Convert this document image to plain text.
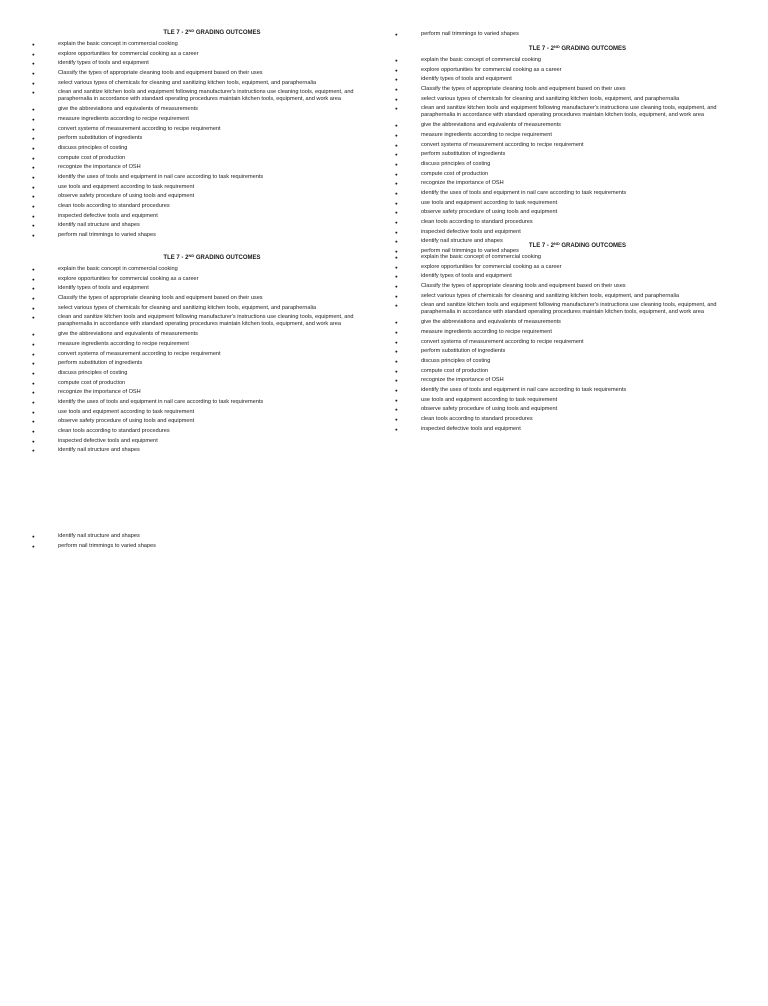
TLE 7 - 2ND GRADING OUTCOMES
● explain the basic concept in commercial cooking
● explore opportunities for commercial cooking as a career
● identify types of tools and equipment
● Classify the types of appropriate cleaning tools and equipment based on their uses
● select various types of chemicals for cleaning and sanitizing kitchen tools, equipment, and paraphernalia
● clean and sanitize kitchen tools and equipment following manufacturer's instructions use cleaning tools, equipment, and paraphernalia in accordance with standard operating procedures maintain kitchen tools, equipment, and work area
● give the abbreviations and equivalents of measurements
● measure ingredients according to recipe requirement
● convert systems of measurement according to recipe requirement
● perform substitution of ingredients
● discuss principles of costing
● compute cost of production
● recognize the importance of OSH
● identify the uses of tools and equipment in nail care according to task requirements
● use tools and equipment according to task requirement
● observe safety procedure of using tools and equipment
● clean tools according to standard procedures
● inspected defective tools and equipment
● identify nail structure and shapes
● perform nail trimmings to varied shapes
TLE 7 - 2ND GRADING OUTCOMES
● explain the basic concept in commercial cooking
● explore opportunities for commercial cooking as a career
● identify types of tools and equipment
● Classify the types of appropriate cleaning tools and equipment based on their uses
● select various types of chemicals for cleaning and sanitizing kitchen tools, equipment, and paraphernalia
● clean and sanitize kitchen tools and equipment following manufacturer's instructions use cleaning tools, equipment, and paraphernalia in accordance with standard operating procedures maintain kitchen tools, equipment, and work area
● give the abbreviations and equivalents of measurements
● measure ingredients according to recipe requirement
● convert systems of measurement according to recipe requirement
● perform substitution of ingredients
● discuss principles of costing
● compute cost of production
● recognize the importance of OSH
● identify the uses of tools and equipment in nail care according to task requirements
● use tools and equipment according to task requirement
● observe safety procedure of using tools and equipment
● clean tools according to standard procedures
● inspected defective tools and equipment
● identify nail structure and shapes
● identify nail structure and shapes
● perform nail trimmings to varied shapes
● perform nail trimmings to varied shapes
TLE 7 - 2ND GRADING OUTCOMES
● explain the basic concept of commercial cooking
● explore opportunities for commercial cooking as a career
● identify types of tools and equipment
● Classify the types of appropriate cleaning tools and equipment based on their uses
● select various types of chemicals for cleaning and sanitizing kitchen tools, equipment, and paraphernalia
● clean and sanitize kitchen tools and equipment following manufacturer's instructions use cleaning tools, equipment, and paraphernalia in accordance with standard operating procedures maintain kitchen tools, equipment, and work area
● give the abbreviations and equivalents of measurements
● measure ingredients according to recipe requirement
● convert systems of measurement according to recipe requirement
● perform substitution of ingredients
● discuss principles of costing
● compute cost of production
● recognize the importance of OSH
● identify the uses of tools and equipment in nail care according to task requirements
● use tools and equipment according to task requirement
● observe safety procedure of using tools and equipment
● clean tools according to standard procedures
● inspected defective tools and equipment
● identify nail structure and shapes
● perform nail trimmings to varied shapes
TLE 7 - 2ND GRADING OUTCOMES
● explain the basic concept of commercial cooking
● explore opportunities for commercial cooking as a career
● identify types of tools and equipment
● Classify the types of appropriate cleaning tools and equipment based on their uses
● select various types of chemicals for cleaning and sanitizing kitchen tools, equipment, and paraphernalia
● clean and sanitize kitchen tools and equipment following manufacturer's instructions use cleaning tools, equipment, and paraphernalia in accordance with standard operating procedures maintain kitchen tools, equipment, and work area
● give the abbreviations and equivalents of measurements
● measure ingredients according to recipe requirement
● convert systems of measurement according to recipe requirement
● perform substitution of ingredients
● discuss principles of costing
● compute cost of production
● recognize the importance of OSH
● identify the uses of tools and equipment in nail care according to task requirements
● use tools and equipment according to task requirement
● observe safety procedure of using tools and equipment
● clean tools according to standard procedures
● inspected defective tools and equipment
